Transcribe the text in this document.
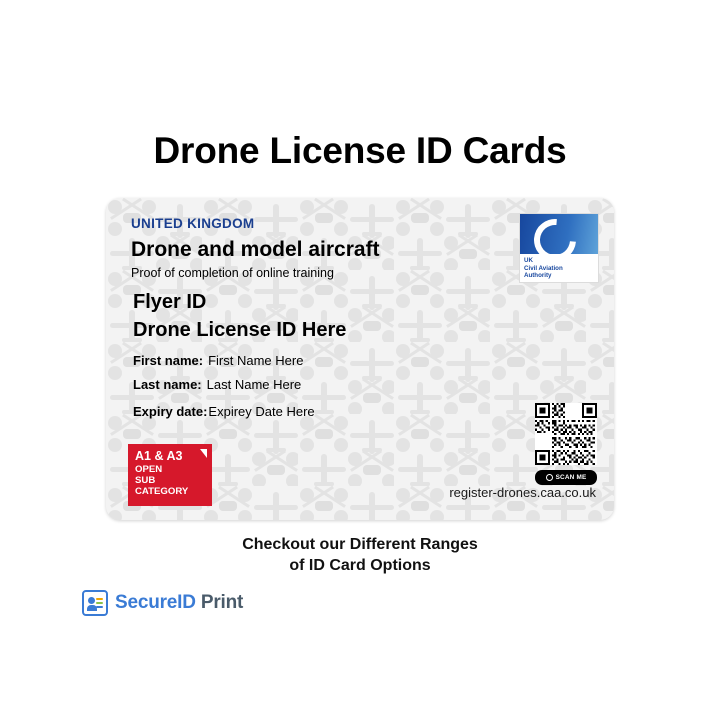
Drone License ID Cards
UNITED KINGDOM
Drone and model aircraft
Proof of completion of online training
Flyer ID
Drone License ID Here
First name: First Name Here
Last name: Last Name Here
Expiry date: Expirey Date Here
UK
Civil Aviation
Authority
SCAN ME
register-drones.caa.co.uk
A1 & A3
OPEN
SUB
CATEGORY
Checkout our Different Ranges
of ID Card Options
SecureID Print
